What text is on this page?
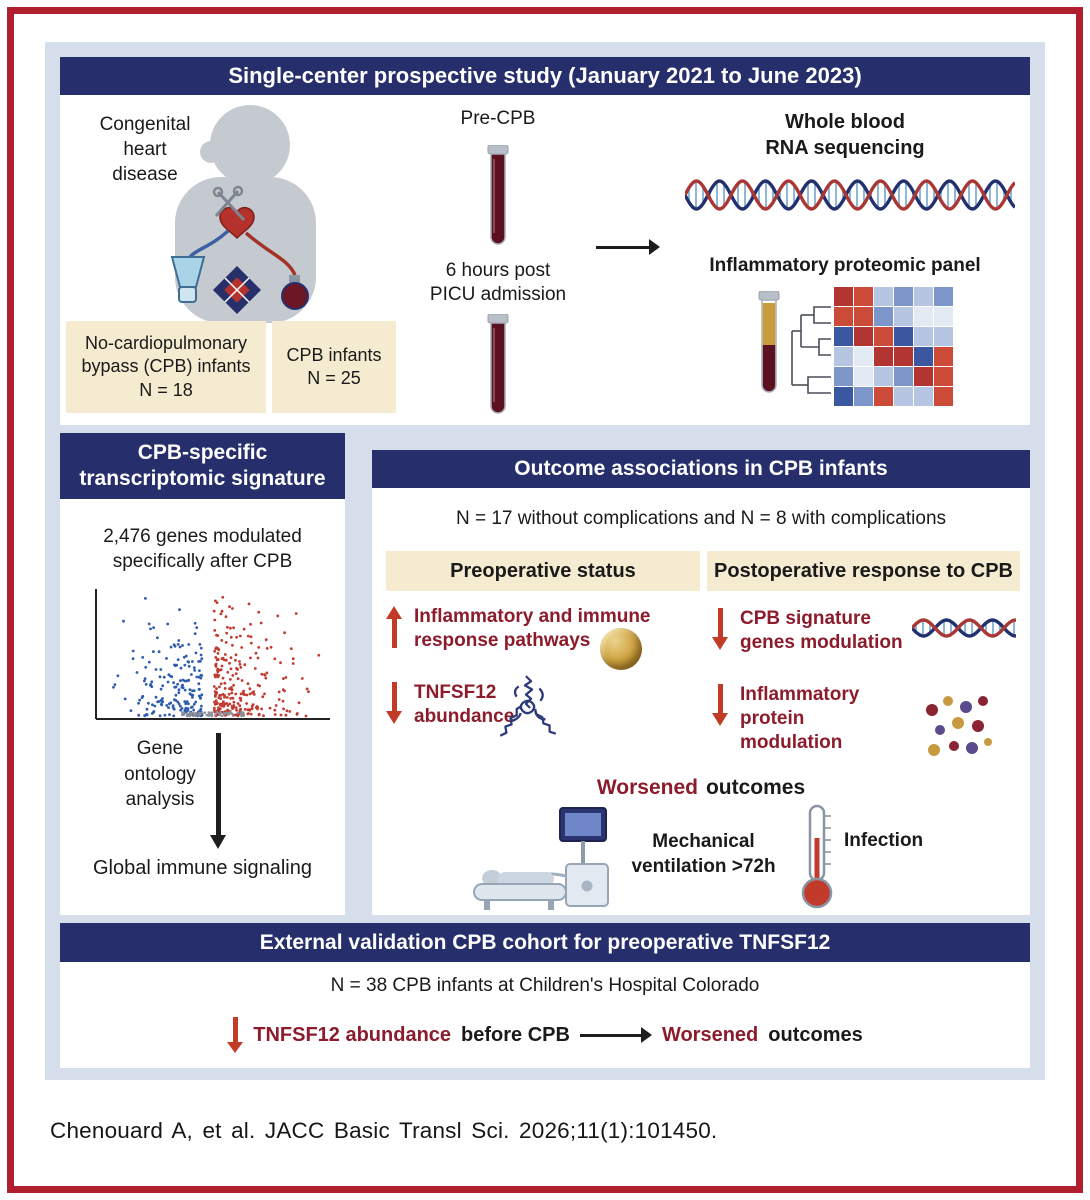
Single-center prospective study (January 2021 to June 2023)
Congenital
heart
disease
No-cardiopulmonary
bypass (CPB) infants
N = 18
CPB infants
N = 25
Pre-CPB
6 hours post
PICU admission
Whole blood
RNA sequencing
Inflammatory proteomic panel
CPB-specific
transcriptomic signature
2,476 genes modulated
specifically after CPB
Gene
ontology
analysis
Global immune signaling
Outcome associations in CPB infants
N = 17 without complications and N = 8 with complications
Preoperative status	Postoperative response to CPB
Inflammatory and immune
response pathways
TNFSF12
abundance
CPB signature
genes modulation
Inflammatory protein
modulation
Worsened outcomes
Mechanical
ventilation >72h
Infection
External validation CPB cohort for preoperative TNFSF12
N = 38 CPB infants at Children's Hospital Colorado
TNFSF12 abundance before CPB	Worsened outcomes
Chenouard A, et al. JACC Basic Transl Sci. 2026;11(1):101450.
